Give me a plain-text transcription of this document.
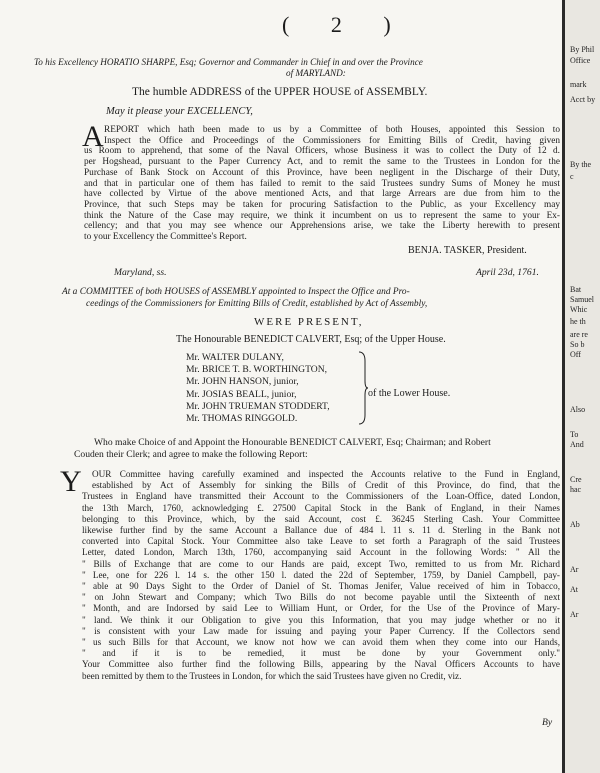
( 2 )
To his Excellency HORATIO SHARPE, Esq; Governor and Commander in Chief in and over the Province
of MARYLAND:
The humble ADDRESS of the UPPER HOUSE of ASSEMBLY.
May it please your EXCELLENCY,
A REPORT which hath been made to us by a Committee of both Houses, appointed this Session to
Inspect the Office and Proceedings of the Commissioners for Emitting Bills of Credit, having given
us Room to apprehend, that some of the Naval Officers, whose Business it was to collect the Duty of 12 d.
per Hogshead, pursuant to the Paper Currency Act, and to remit the same to the Trustees in London for the
Purchase of Bank Stock on Account of this Province, have been negligent in the Discharge of their Duty,
and that in particular one of them has failed to remit to the said Trustees sundry Sums of Money he must
have collected by Virtue of the above mentioned Acts, and that large Arrears are due from him to the
Province, that such Steps may be taken for procuring Satisfaction to the Public, as your Excellency may
think the Nature of the Case may require, we think it incumbent on us to represent the same to your Ex-
cellency; and that you may see whence our Apprehensions arise, we take the Liberty herewith to present
to your Excellency the Committee's Report.
BENJA. TASKER, President.
Maryland, ss.	April 23d, 1761.
At a COMMITTEE of both HOUSES of ASSEMBLY appointed to Inspect the Office and Pro-
ceedings of the Commissioners for Emitting Bills of Credit, established by Act of Assembly,
WERE PRESENT,
The Honourable BENEDICT CALVERT, Esq; of the Upper House.
Mr. WALTER DULANY,
Mr. BRICE T. B. WORTHINGTON,
Mr. JOHN HANSON, junior,
Mr. JOSIAS BEALL, junior,
Mr. JOHN TRUEMAN STODDERT,
Mr. THOMAS RINGGOLD.
of the Lower House.
Who make Choice of and Appoint the Honourable BENEDICT CALVERT, Esq; Chairman; and Robert
Couden their Clerk; and agree to make the following Report:
Y OUR Committee having carefully examined and inspected the Accounts relative to the Fund in England,
established by Act of Assembly for sinking the Bills of Credit of this Province, do find, that the
Trustees in England have transmitted their Account to the Commissioners of the Loan-Office, dated London,
the 13th March, 1760, acknowledging £. 27500 Capital Stock in the Bank of England, in their Names
belonging to this Province, which, by the said Account, cost £. 36245 Sterling Cash. Your Committee
likewise further find by the same Account a Ballance due of 484 l. 11 s. 11 d. Sterling in the Bank not
converted into Capital Stock. Your Committee also take Leave to set forth a Paragraph of the said Trustees
Letter, dated London, March 13th, 1760, accompanying said Account in the following Words: " All the
" Bills of Exchange that are come to our Hands are paid, except Two, remitted to us from Mr. Richard
" Lee, one for 226 l. 14 s. the other 150 l. dated the 22d of September, 1759, by Daniel Campbell, pay-
" able at 90 Days Sight to the Order of Daniel of St. Thomas Jenifer, Value received of him in Tobacco,
" on John Stewart and Company; which Two Bills do not become payable until the Sixteenth of next
" Month, and are Indorsed by said Lee to William Hunt, or Order, for the Use of the Province of Mary-
" land. We think it our Obligation to give you this Information, that you may judge whether or no it
" is consistent with your Law made for issuing and paying your Paper Currency. If the Collectors send
" us such Bills for that Account, we know not how we can avoid them when they come into our Hands,
" and if it is to be remedied, it must be done by your Government only."
Your Committee also further find the following Bills, appearing by the Naval Officers Accounts to have
been remitted by them to the Trustees in London, for which the said Trustees have given no Credit, viz.
By
By Phil
Office
mark
Acct by
By the
c
Bat
Samuel
Whic
he th
are re
So b
Off
Also
To
And
Cre
hac
Ab
Ar
At
Ar
